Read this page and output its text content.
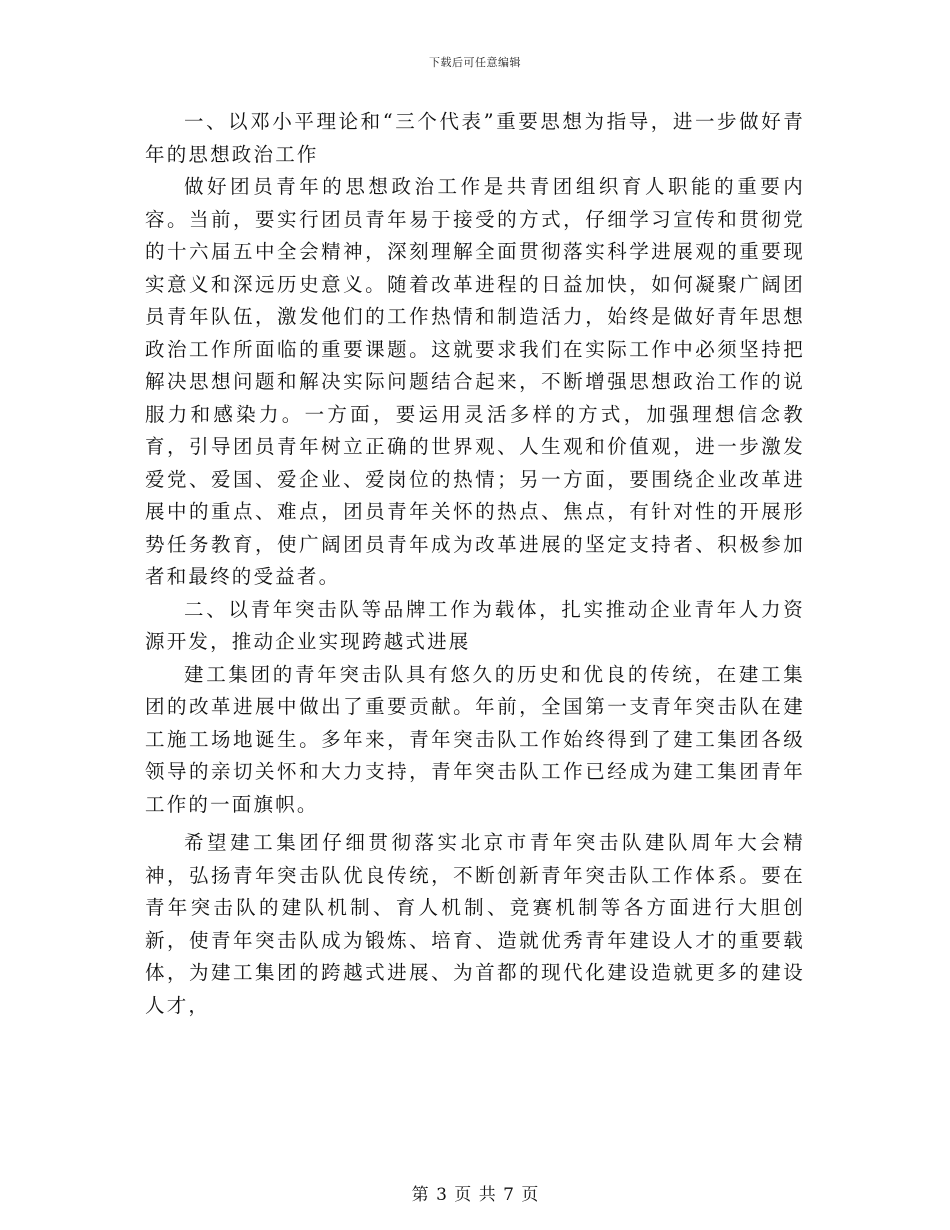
下载后可任意编辑

一、以邓小平理论和“三个代表”重要思想为指导，进一步做好青年的思想政治工作

做好团员青年的思想政治工作是共青团组织育人职能的重要内容。当前，要实行团员青年易于接受的方式，仔细学习宣传和贯彻党的十六届五中全会精神，深刻理解全面贯彻落实科学进展观的重要现实意义和深远历史意义。随着改革进程的日益加快，如何凝聚广阔团员青年队伍，激发他们的工作热情和制造活力，始终是做好青年思想政治工作所面临的重要课题。这就要求我们在实际工作中必须坚持把解决思想问题和解决实际问题结合起来，不断增强思想政治工作的说服力和感染力。一方面，要运用灵活多样的方式，加强理想信念教育，引导团员青年树立正确的世界观、人生观和价值观，进一步激发爱党、爱国、爱企业、爱岗位的热情；另一方面，要围绕企业改革进展中的重点、难点，团员青年关怀的热点、焦点，有针对性的开展形势任务教育，使广阔团员青年成为改革进展的坚定支持者、积极参加者和最终的受益者。

二、以青年突击队等品牌工作为载体，扎实推动企业青年人力资源开发，推动企业实现跨越式进展

建工集团的青年突击队具有悠久的历史和优良的传统，在建工集团的改革进展中做出了重要贡献。年前，全国第一支青年突击队在建工施工场地诞生。多年来，青年突击队工作始终得到了建工集团各级领导的亲切关怀和大力支持，青年突击队工作已经成为建工集团青年工作的一面旗帜。

希望建工集团仔细贯彻落实北京市青年突击队建队周年大会精神，弘扬青年突击队优良传统，不断创新青年突击队工作体系。要在青年突击队的建队机制、育人机制、竞赛机制等各方面进行大胆创新，使青年突击队成为锻炼、培育、造就优秀青年建设人才的重要载体，为建工集团的跨越式进展、为首都的现代化建设造就更多的建设人才，

第 3 页 共 7 页
